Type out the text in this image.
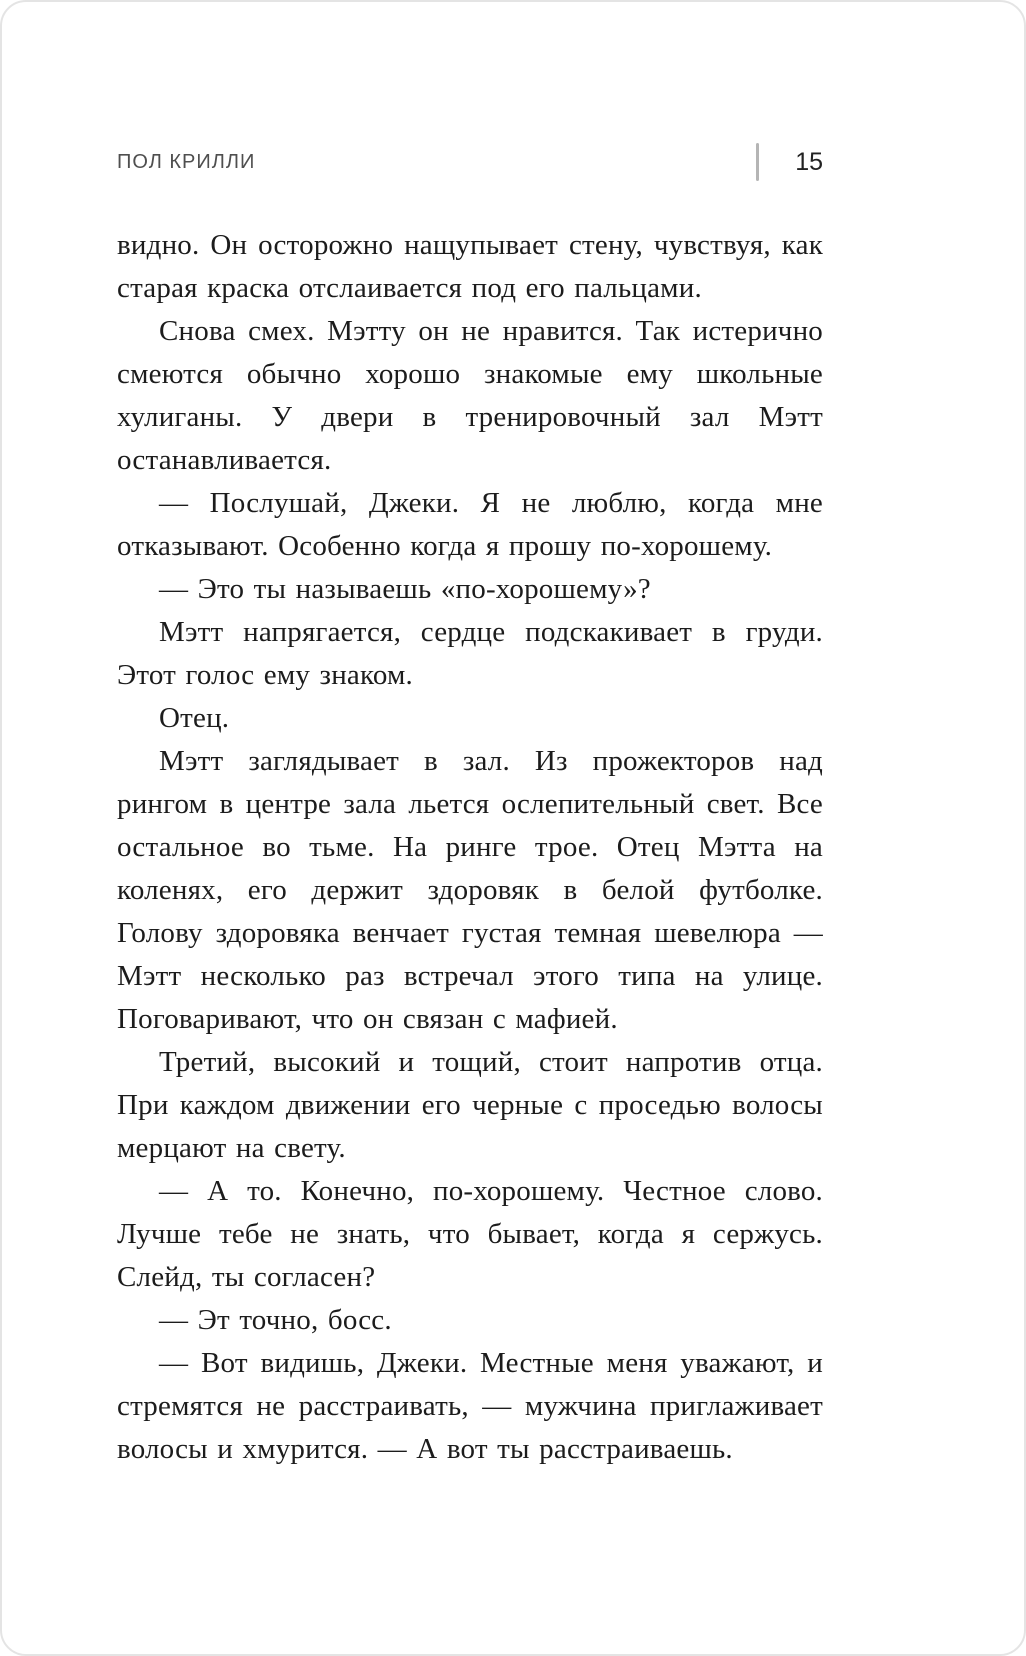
ПОЛ КРИЛЛИ	15

видно. Он осторожно нащупывает стену, чувствуя, как старая краска отслаивается под его пальцами.

Снова смех. Мэтту он не нравится. Так истерично смеются обычно хорошо знакомые ему школьные хулиганы. У двери в тренировочный зал Мэтт останавливается.

— Послушай, Джеки. Я не люблю, когда мне отказывают. Особенно когда я прошу по-хорошему.

— Это ты называешь «по-хорошему»?

Мэтт напрягается, сердце подскакивает в груди. Этот голос ему знаком.

Отец.

Мэтт заглядывает в зал. Из прожекторов над рингом в центре зала льется ослепительный свет. Все остальное во тьме. На ринге трое. Отец Мэтта на коленях, его держит здоровяк в белой футболке. Голову здоровяка венчает густая темная шевелюра — Мэтт несколько раз встречал этого типа на улице. Поговаривают, что он связан с мафией.

Третий, высокий и тощий, стоит напротив отца. При каждом движении его черные с проседью волосы мерцают на свету.

— А то. Конечно, по-хорошему. Честное слово. Лучше тебе не знать, что бывает, когда я сержусь. Слейд, ты согласен?

— Эт точно, босс.

— Вот видишь, Джеки. Местные меня уважают, и стремятся не расстраивать, — мужчина приглаживает волосы и хмурится. — А вот ты расстраиваешь.
